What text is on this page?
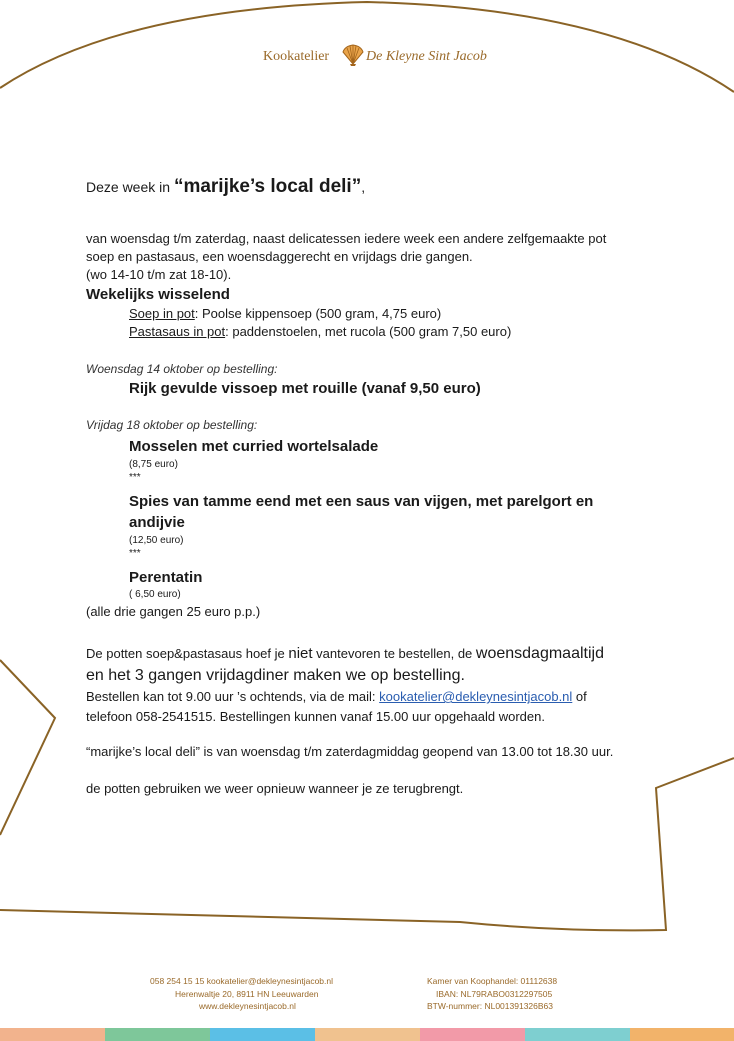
Kookatelier	De Kleyne Sint Jacob
Deze week in “marijke’s local deli”,
van woensdag t/m zaterdag, naast delicatessen iedere week een andere zelfgemaakte pot
soep en pastasaus, een woensdaggerecht en vrijdags drie gangen.
(wo 14-10 t/m zat 18-10).
Wekelijks wisselend
Soep in pot: Poolse kippensoep (500 gram, 4,75 euro)
Pastasaus in pot: paddenstoelen, met rucola (500 gram 7,50 euro)
Woensdag 14 oktober op bestelling:
Rijk gevulde vissoep met rouille (vanaf 9,50 euro)
Vrijdag 18 oktober op bestelling:
Mosselen met curried wortelsalade
(8,75 euro)
***
Spies van tamme eend met een saus van vijgen, met parelgort en
andijvie
(12,50 euro)
***
Perentatin
( 6,50 euro)
(alle drie gangen 25 euro p.p.)
De potten soep&pastasaus hoef je niet vantevoren te bestellen, de woensdagmaaltijd
en het 3 gangen vrijdagdiner maken we op bestelling.
Bestellen kan tot 9.00 uur ’s ochtends, via de mail: kookatelier@dekleynesintjacob.nl of
telefoon 058-2541515. Bestellingen kunnen vanaf 15.00 uur opgehaald worden.
“marijke’s local deli” is van woensdag t/m zaterdagmiddag geopend van 13.00 tot 18.30 uur.
de potten gebruiken we weer opnieuw wanneer je ze terugbrengt.
058 254 15 15 kookatelier@dekleynesintjacob.nl
Herenwaltje 20, 8911 HN Leeuwarden
www.dekleynesintjacob.nl
Kamer van Koophandel: 01112638
IBAN: NL79RABO0312297505
BTW-nummer: NL001391326B63
